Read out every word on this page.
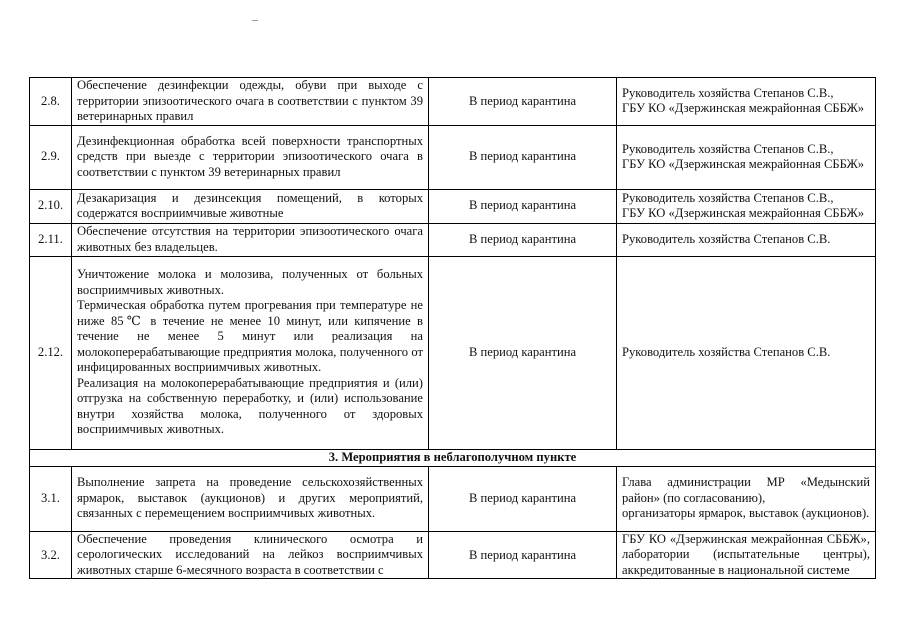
2.8.	Обеспечение дезинфекции одежды, обуви при выходе с территории эпизоотического очага в соответствии с пунктом 39 ветеринарных правил	В период карантина	Руководитель хозяйства Степанов С.В.,
ГБУ КО «Дзержинская межрайонная СББЖ»

2.9.	Дезинфекционная обработка всей поверхности транспортных средств при выезде с территории эпизоотического очага в соответствии с пунктом 39 ветеринарных правил	В период карантина	Руководитель хозяйства Степанов С.В.,
ГБУ КО «Дзержинская межрайонная СББЖ»

2.10.	Дезакаризация и дезинсекция помещений, в которых содержатся восприимчивые животные	В период карантина	Руководитель хозяйства Степанов С.В.,
ГБУ КО «Дзержинская межрайонная СББЖ»

2.11.	Обеспечение отсутствия на территории эпизоотического очага животных без владельцев.	В период карантина	Руководитель хозяйства Степанов С.В.

2.12.	Уничтожение молока и молозива, полученных от больных восприимчивых животных.
Термическая обработка путем прогревания при температуре не ниже 85℃ в течение не менее 10 минут, или кипячение в течение не менее 5 минут или реализация на молокоперерабатывающие предприятия молока, полученного от инфицированных восприимчивых животных.
Реализация на молокоперерабатывающие предприятия и (или) отгрузка на собственную переработку, и (или) использование внутри хозяйства молока, полученного от здоровых восприимчивых животных.	В период карантина	Руководитель хозяйства Степанов С.В.

3. Мероприятия в неблагополучном пункте			
3.1.	Выполнение запрета на проведение сельскохозяйственных ярмарок, выставок (аукционов) и других мероприятий, связанных с перемещением восприимчивых животных.	В период карантина	Глава администрации МР «Медынский район» (по согласованию),
организаторы ярмарок, выставок (аукционов).

3.2.	Обеспечение проведения клинического осмотра и серологических исследований на лейкоз восприимчивых животных старше 6-месячного возраста в соответствии с	В период карантина	ГБУ КО «Дзержинская межрайонная СББЖ», лаборатории (испытательные центры), аккредитованные в национальной системе
